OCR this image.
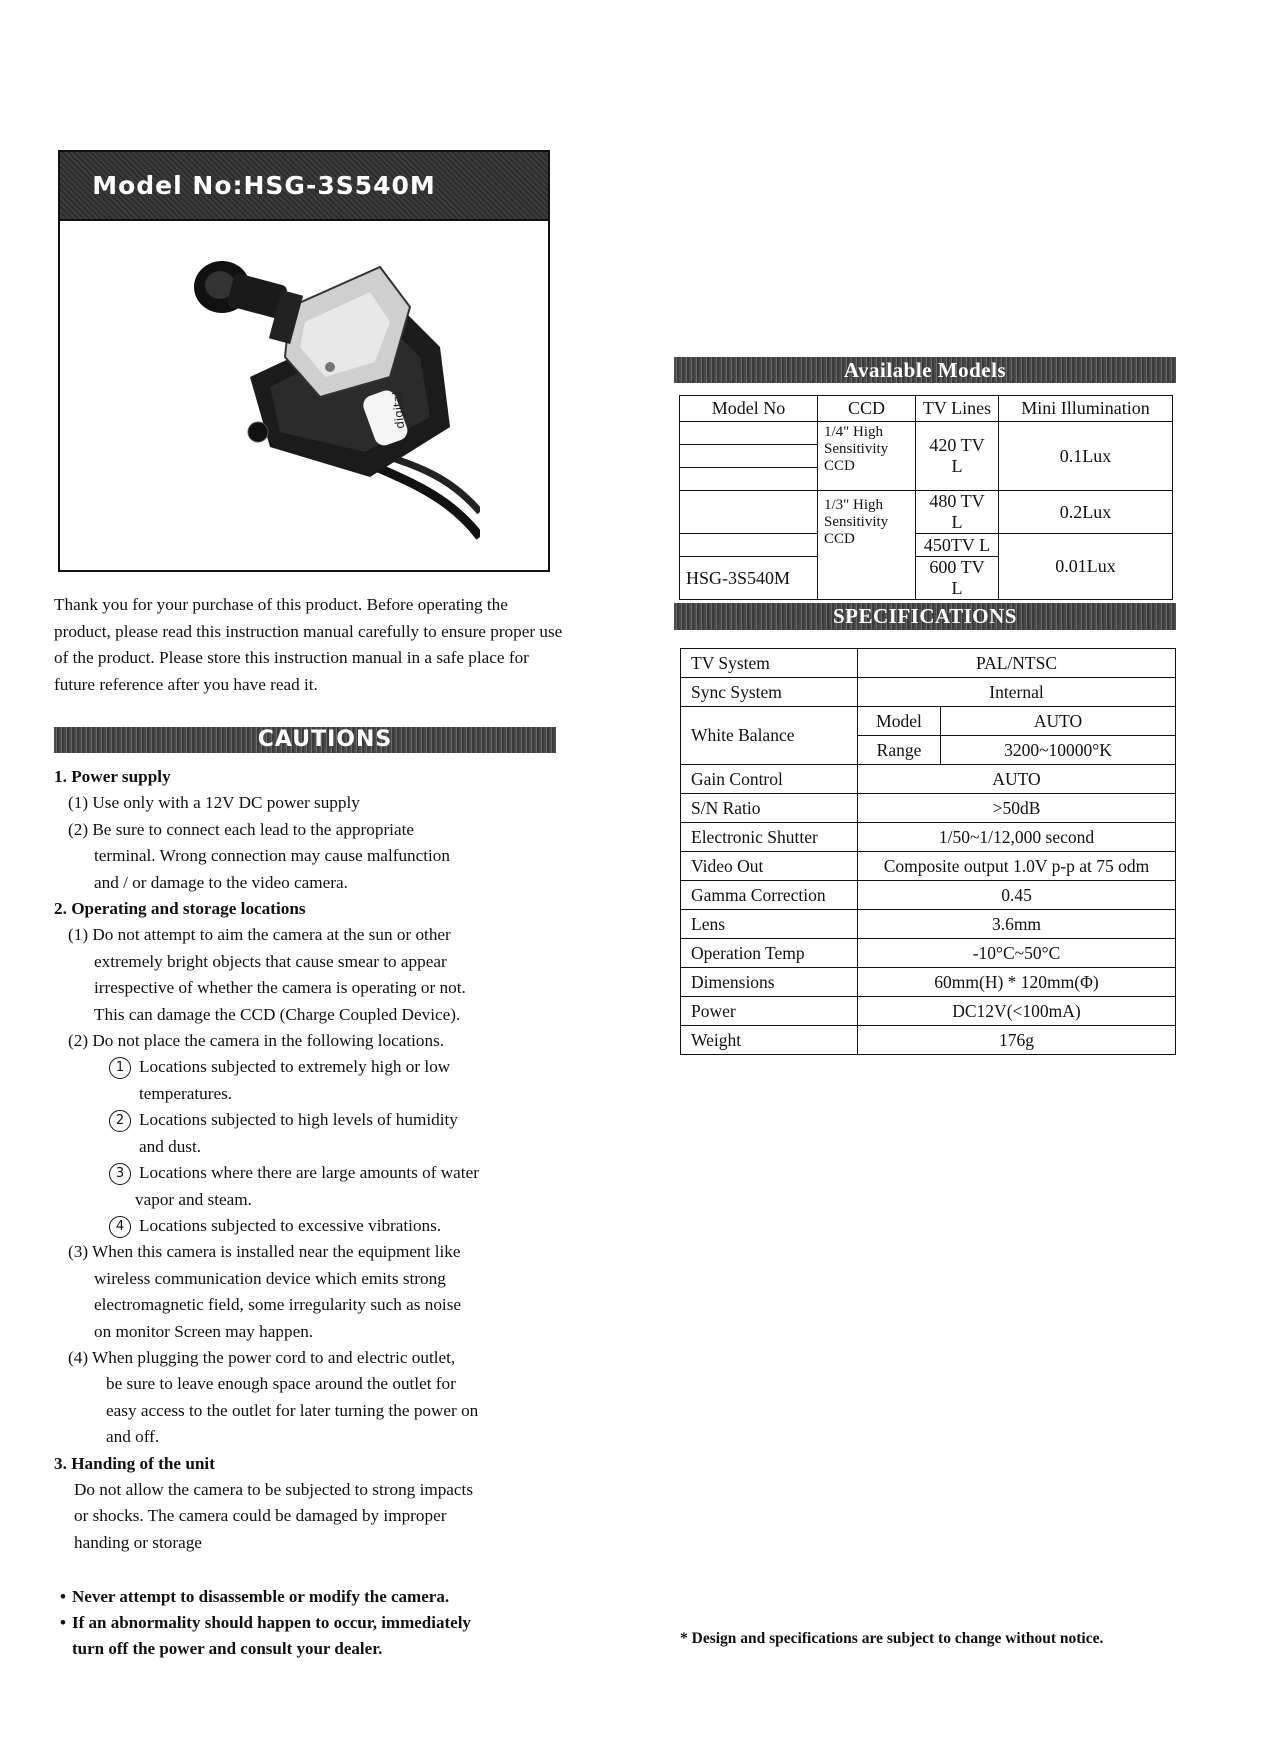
Model No:HSG-3S540M
digital
Thank you for your purchase of this product. Before operating the product, please read this instruction manual carefully to ensure proper use of the product. Please store this instruction manual in a safe place for future reference after you have read it.
CAUTIONS
1. Power supply
(1) Use only with a 12V DC power supply
(2) Be sure to connect each lead to the appropriate
terminal. Wrong connection may cause malfunction
and / or damage to the video camera.
2. Operating and storage locations
(1) Do not attempt to aim the camera at the sun or other
extremely bright objects that cause smear to appear
irrespective of whether the camera is operating or not.
This can damage the CCD (Charge Coupled Device).
(2) Do not place the camera in the following locations.
1 Locations subjected to extremely high or low
temperatures.
2 Locations subjected to high levels of humidity
and dust.
3 Locations where there are large amounts of water
vapor and steam.
4 Locations subjected to excessive vibrations.
(3) When this camera is installed near the equipment like
wireless communication device which emits strong
electromagnetic field, some irregularity such as noise
on monitor Screen may happen.
(4) When plugging the power cord to and electric outlet,
be sure to leave enough space around the outlet for
easy access to the outlet for later turning the power on
and off.
3. Handing of the unit
Do not allow the camera to be subjected to strong impacts
or shocks. The camera could be damaged by improper
handing or storage
• Never attempt to disassemble or modify the camera.
• If an abnormality should happen to occur, immediately
turn off the power and consult your dealer.
Available Models
Model No	CCD	TV Lines	Mini Illumination

	1/4" High
Sensitivity
CCD	420 TV L	0.1Lux

	1/3" High
Sensitivity
CCD	480 TV L	0.2Lux
		450TV L	0.01Lux
HSG-3S540M		600 TV L	
SPECIFICATIONS
TV System	PAL/NTSC	
Sync System	Internal	
White Balance	Model	AUTO
	Range	3200~10000°K
Gain Control	AUTO	
S/N Ratio	>50dB	
Electronic Shutter	1/50~1/12,000 second	
Video Out	Composite output 1.0V p-p at 75 odm	
Gamma Correction	0.45	
Lens	3.6mm	
Operation Temp	-10°C~50°C	
Dimensions	60mm(H) * 120mm(Φ)	
Power	DC12V(<100mA)	
Weight	176g	
* Design and specifications are subject to change without notice.
